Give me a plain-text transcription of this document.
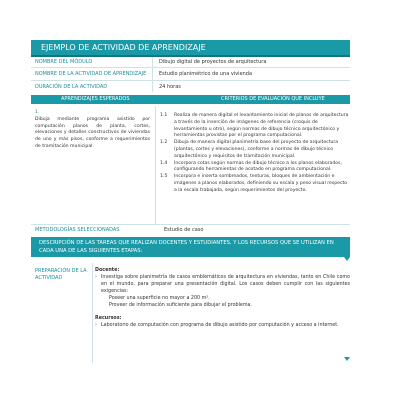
EJEMPLO DE ACTIVIDAD DE APRENDIZAJE
NOMBRE DEL MÓDULO	Dibujo digital de proyectos de arquitectura
NOMBRE DE LA ACTIVIDAD DE APRENDIZAJE	Estudio planimétrico de una vivienda
DURACIÓN DE LA ACTIVIDAD	24 horas
APRENDIZAJES ESPERADOS	CRITERIOS DE EVALUACIÓN QUE INCLUYE
1.
Dibuja mediante programa asistido por computación planos de planta, cortes, elevaciones y detalles constructivos de viviendas de uno y más pisos, conforme a requerimientos de tramitación municipal.
1.1 Realiza de manera digital el levantamiento inicial de planos de arquitectura a través de la inserción de imágenes de referencia (croquis de levantamiento u otro), según normas de dibujo técnico arquitectónico y herramientas provistas por el programa computacional.
1.2 Dibuja de manera digital planimetría base del proyecto de arquitectura (plantas, cortes y elevaciones), conforme a normas de dibujo técnico arquitectónico y requisitos de tramitación municipal.
1.4 Incorpora cotas según normas de dibujo técnico a los planos elaborados, configurando herramientas de acotado en programa computacional.
1.5 Incorpora e inserta sombreados, texturas, bloques de ambientación e imágenes a planos elaborados, definiendo su escala y peso visual respecto a la escala trabajada, según requerimientos del proyecto.
METODOLOGÍAS SELECCIONADAS	Estudio de caso
DESCRIPCIÓN DE LAS TAREAS QUE REALIZAN DOCENTES Y ESTUDIANTES, Y LOS RECURSOS QUE SE UTILIZAN EN CADA UNA DE LAS SIGUIENTES ETAPAS:
PREPARACIÓN DE LA ACTIVIDAD
Docente:
› Investiga sobre planimetría de casos emblemáticos de arquitectura en viviendas, tanto en Chile como en el mundo, para preparar una presentación digital. Los casos deben cumplir con las siguientes exigencias:
Poseer una superficie no mayor a 200 m².
Proveer de información suficiente para dibujar el problema.
Recursos:
› Laboratorio de computación con programa de dibujo asistido por computación y acceso a internet.
